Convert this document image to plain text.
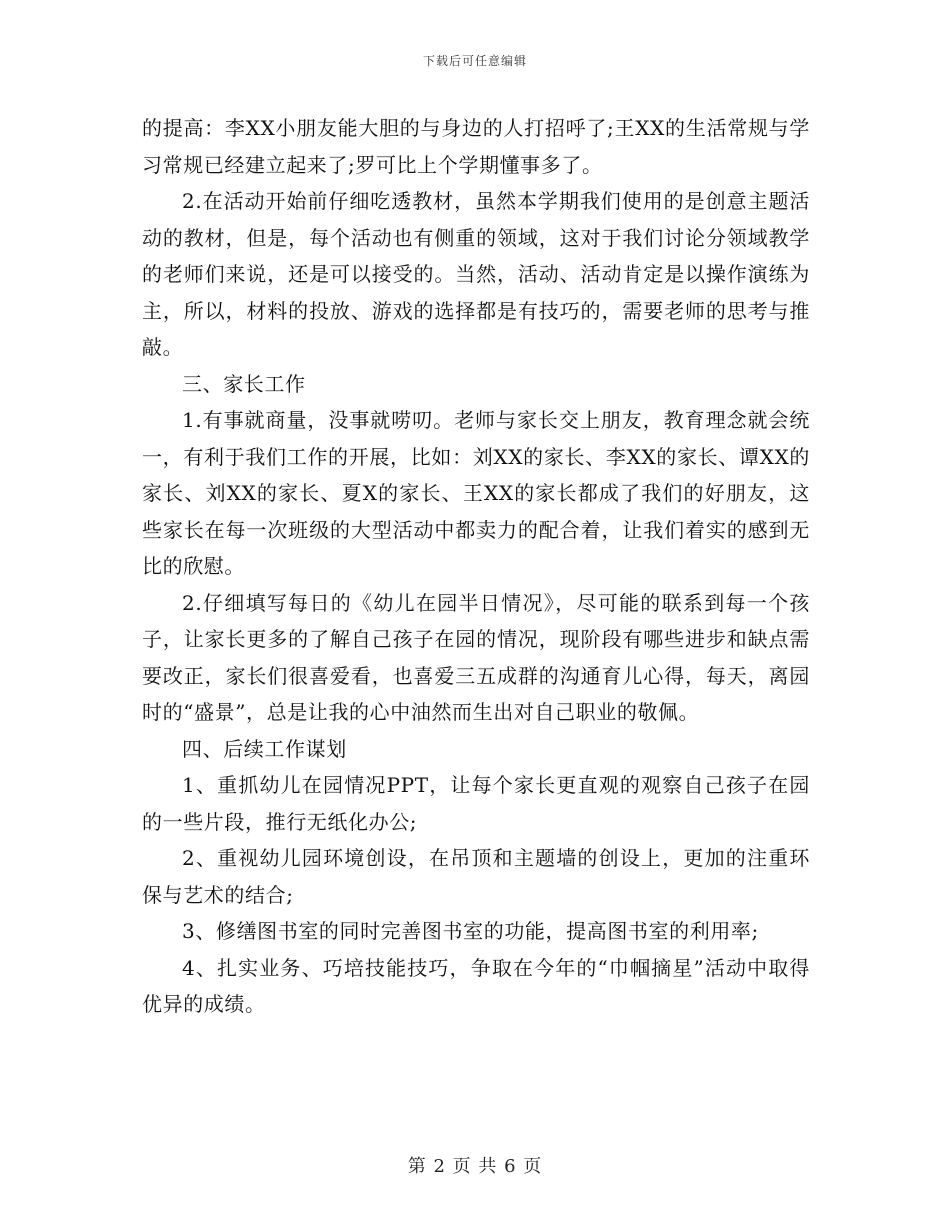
下载后可任意编辑

的提高：李XX小朋友能大胆的与身边的人打招呼了;王XX的生活常规与学习常规已经建立起来了;罗可比上个学期懂事多了。

2.在活动开始前仔细吃透教材，虽然本学期我们使用的是创意主题活动的教材，但是，每个活动也有侧重的领域，这对于我们讨论分领域教学的老师们来说，还是可以接受的。当然，活动、活动肯定是以操作演练为主，所以，材料的投放、游戏的选择都是有技巧的，需要老师的思考与推敲。

三、家长工作

1.有事就商量，没事就唠叨。老师与家长交上朋友，教育理念就会统一，有利于我们工作的开展，比如：刘XX的家长、李XX的家长、谭XX的家长、刘XX的家长、夏X的家长、王XX的家长都成了我们的好朋友，这些家长在每一次班级的大型活动中都卖力的配合着，让我们着实的感到无比的欣慰。

2.仔细填写每日的《幼儿在园半日情况》，尽可能的联系到每一个孩子，让家长更多的了解自己孩子在园的情况，现阶段有哪些进步和缺点需要改正，家长们很喜爱看，也喜爱三五成群的沟通育儿心得，每天，离园时的“盛景”，总是让我的心中油然而生出对自己职业的敬佩。

四、后续工作谋划

1、重抓幼儿在园情况PPT，让每个家长更直观的观察自己孩子在园的一些片段，推行无纸化办公;

2、重视幼儿园环境创设，在吊顶和主题墙的创设上，更加的注重环保与艺术的结合;

3、修缮图书室的同时完善图书室的功能，提高图书室的利用率;

4、扎实业务、巧培技能技巧，争取在今年的“巾帼摘星”活动中取得优异的成绩。

第 2 页 共 6 页
